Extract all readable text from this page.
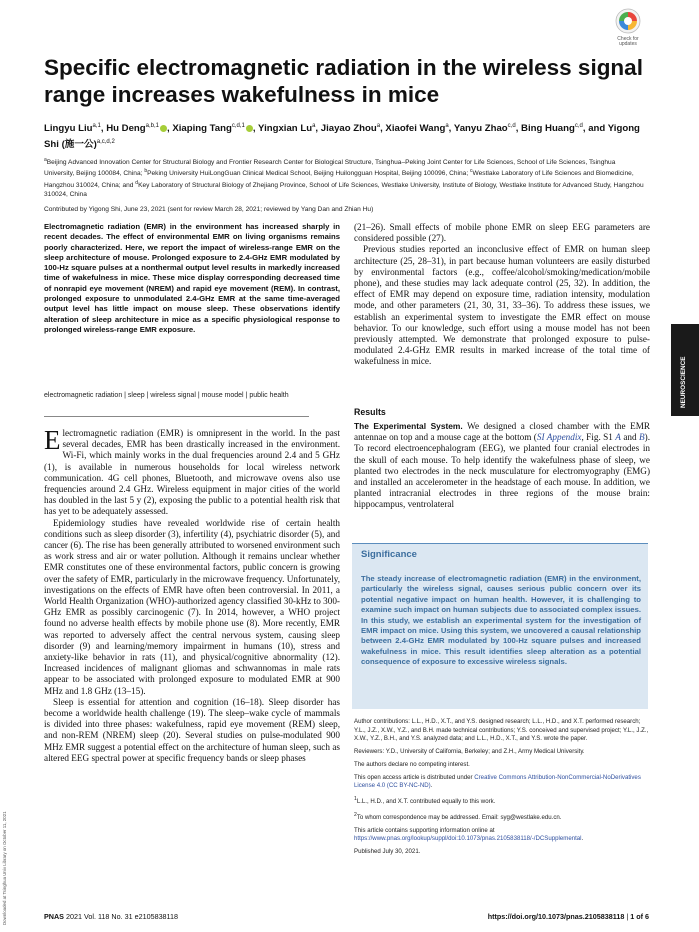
Check for updates
Specific electromagnetic radiation in the wireless signal range increases wakefulness in mice
Lingyu Liu$^{a,1}$, Hu Deng$^{a,b,1}$ , Xiaping Tang$^{c,d,1}$ , Yingxian Lu$^a$, Jiayao Zhou$^a$, Xiaofei Wang$^a$, Yanyu Zhao$^{c,d}$, Bing Huang$^{c,d}$, and Yigong Shi (施一公)$^{a,c,d,2}$
$^a$Beijing Advanced Innovation Center for Structural Biology and Frontier Research Center for Biological Structure, Tsinghua–Peking Joint Center for Life Sciences, School of Life Sciences, Tsinghua University, Beijing 100084, China; $^b$Peking University HuiLongGuan Clinical Medical School, Beijing Huilongguan Hospital, Beijing 100096, China; $^c$Westlake Laboratory of Life Sciences and Biomedicine, Hangzhou 310024, China; and $^d$Key Laboratory of Structural Biology of Zhejiang Province, School of Life Sciences, Westlake University, Institute of Biology, Westlake Institute for Advanced Study, Hangzhou 310024, China
Contributed by Yigong Shi, June 23, 2021 (sent for review March 28, 2021; reviewed by Yang Dan and Zhian Hu)
Electromagnetic radiation (EMR) in the environment has increased sharply in recent decades. The effect of environmental EMR on living organisms remains poorly characterized. Here, we report the impact of wireless-range EMR on the sleep architecture of mouse. Prolonged exposure to 2.4-GHz EMR modulated by 100-Hz square pulses at a nonthermal output level results in markedly increased time of wakefulness in mice. These mice display corresponding decreased time of nonrapid eye movement (NREM) and rapid eye movement (REM). In contrast, prolonged exposure to unmodulated 2.4-GHz EMR at the same time-averaged output level has little impact on mouse sleep. These observations identify alteration of sleep architecture in mice as a specific physiological response to prolonged wireless-range EMR exposure.
electromagnetic radiation | sleep | wireless signal | mouse model | public health

Electromagnetic radiation (EMR) is omnipresent in the world. In the past several decades, EMR has been drastically increased in the environment. Wi-Fi, which mainly works in the dual frequencies around 2.4 and 5 GHz (1), is available in numerous households for local wireless network communication. 4G cell phones, Bluetooth, and microwave ovens also use frequencies around 2.4 GHz. Wireless equipment in major cities of the world has doubled in the last 5 y (2), exposing the public to a potential health risk that has yet to be adequately assessed.

Epidemiology studies have revealed worldwide rise of certain health conditions such as sleep disorder (3), infertility (4), psychiatric disorder (5), and cancer (6). The rise has been generally attributed to worsened environment such as work stress and air or water pollution. Although it remains unclear whether EMR constitutes one of these environmental factors, public concern is growing over the safety of EMR, particularly in the microwave frequency. Unfortunately, investigations on the effects of EMR have often been controversial. In 2011, a World Health Organization (WHO)-authorized agency classified 30-kHz to 300-GHz EMR as possibly carcinogenic (7). In 2014, however, a WHO project found no adverse health effects by mobile phone use (8). More recently, EMR was reported to adversely affect the central nervous system, causing sleep disorder (9) and learning/memory impairment in humans (10), stress and anxiety-like behavior in rats (11), and physical/cognitive abnormality (12). Increased incidences of malignant gliomas and schwannomas in male rats appear to be associated with prolonged exposure to modulated EMR at 900 MHz and 1.8 GHz (13–15).

Sleep is essential for attention and cognition (16–18). Sleep disorder has become a worldwide health challenge (19). The sleep–wake cycle of mammals is divided into three phases: wakefulness, rapid eye movement (REM) sleep, and non-REM (NREM) sleep (20). Several studies on pulse-modulated 900 MHz EMR suggest a potential effect on the architecture of human sleep, such as altered EEG spectral power at specific frequency bands or sleep phases

(21–26). Small effects of mobile phone EMR on sleep EEG parameters are considered possible (27).

Previous studies reported an inconclusive effect of EMR on human sleep architecture (25, 28–31), in part because human volunteers are easily disturbed by environmental factors (e.g., coffee/alcohol/smoking/medication/mobile phone), and these studies may lack adequate control (25, 32). In addition, the effect of EMR may depend on exposure time, radiation intensity, modulation mode, and other parameters (21, 30, 31, 33–36). To address these issues, we establish an experimental system to investigate the EMR effect on mouse behavior. To our knowledge, such effort using a mouse model has not been previously attempted. We demonstrate that prolonged exposure to pulse-modulated 2.4-GHz EMR results in marked increase of the total time of wakefulness in mice.

Results

The Experimental System. We designed a closed chamber with the EMR antennae on top and a mouse cage at the bottom (SI Appendix, Fig. S1 A and B). To record electroencephalogram (EEG), we planted four cranial electrodes in the skull of each mouse. To help identify the wakefulness phase of sleep, we planted two electrodes in the neck musculature for electromyography (EMG) and installed an accelerometer in the headstage of each mouse. In addition, we planted intracranial electrodes in three regions of the mouse brain: hippocampus, ventrolateral

Significance
The steady increase of electromagnetic radiation (EMR) in the environment, particularly the wireless signal, causes serious public concern over its potential negative impact on human health. However, it is challenging to examine such impact on human subjects due to associated complex issues. In this study, we establish an experimental system for the investigation of EMR impact on mice. Using this system, we uncovered a causal relationship between 2.4-GHz EMR modulated by 100-Hz square pulses and increased wakefulness in mice. This result identifies sleep alteration as a potential consequence of exposure to excessive wireless signals.

Author contributions: L.L., H.D., X.T., and Y.S. designed research; L.L., H.D., and X.T. performed research; Y.L., J.Z., X.W., Y.Z., and B.H. made technical contributions; Y.S. conceived and supervised project; Y.L., J.Z., X.W., Y.Z., B.H., and Y.S. analyzed data; and L.L., H.D., X.T., and Y.S. wrote the paper.

Reviewers: Y.D., University of California, Berkeley; and Z.H., Army Medical University.

The authors declare no competing interest.

This open access article is distributed under Creative Commons Attribution-NonCommercial-NoDerivatives License 4.0 (CC BY-NC-ND).

$^1$L.L., H.D., and X.T. contributed equally to this work.

$^2$To whom correspondence may be addressed. Email: syg@westlake.edu.cn.

This article contains supporting information online at https://www.pnas.org/lookup/suppl/doi:10.1073/pnas.2105838118/-/DCSupplemental.

Published July 30, 2021.

NEUROSCIENCE
Downloaded at Tsinghua Univ Library on October 11, 2021	PNAS 2021 Vol. 118 No. 31 e2105838118	https://doi.org/10.1073/pnas.2105838118 | 1 of 6
